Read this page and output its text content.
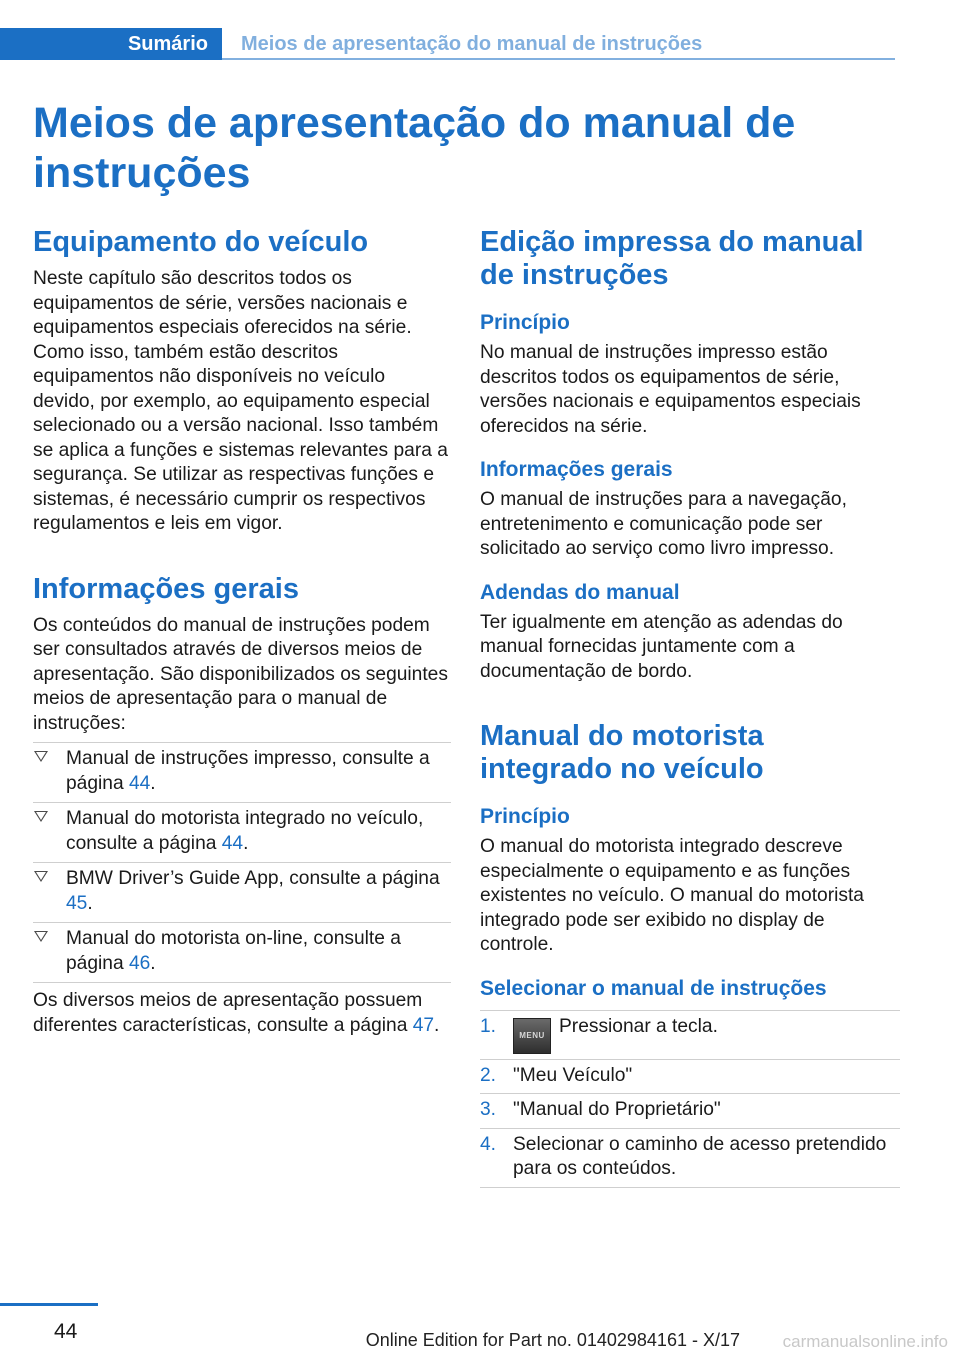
Sumário	Meios de apresentação do manual de instruções
Meios de apresentação do manual de instruções
Equipamento do veículo

Neste capítulo são descritos todos os equipamentos de série, versões nacionais e equipamentos especiais oferecidos na série. Como isso, também estão descritos equipamentos não disponíveis no veículo devido, por exemplo, ao equipamento especial selecionado ou a versão nacional. Isso também se aplica a funções e sistemas relevantes para a segurança. Se utilizar as respectivas funções e sistemas, é necessário cumprir os respectivos regulamentos e leis em vigor.

Informações gerais

Os conteúdos do manual de instruções podem ser consultados através de diversos meios de apresentação. São disponibilizados os seguintes meios de apresentação para o manual de instruções:

Manual de instruções impresso, consulte a página 44.
Manual do motorista integrado no veículo, consulte a página 44.
BMW Driver’s Guide App, consulte a página 45.
Manual do motorista on-line, consulte a página 46.

Os diversos meios de apresentação possuem diferentes características, consulte a página 47.

Edição impressa do manual de instruções
Princípio

No manual de instruções impresso estão descritos todos os equipamentos de série, versões nacionais e equipamentos especiais oferecidos na série.

Informações gerais

O manual de instruções para a navegação, entretenimento e comunicação pode ser solicitado ao serviço como livro impresso.

Adendas do manual

Ter igualmente em atenção as adendas do manual fornecidas juntamente com a documentação de bordo.

Manual do motorista integrado no veículo
Princípio

O manual do motorista integrado descreve especialmente o equipamento e as funções existentes no veículo. O manual do motorista integrado pode ser exibido no display de controle.

Selecionar o manual de instruções
1.	MENU Pressionar a tecla.
2. "Meu Veículo"
3. "Manual do Proprietário"
4. Selecionar o caminho de acesso pretendido para os conteúdos.
44	Online Edition for Part no. 01402984161 - X/17	carmanualsonline.info
